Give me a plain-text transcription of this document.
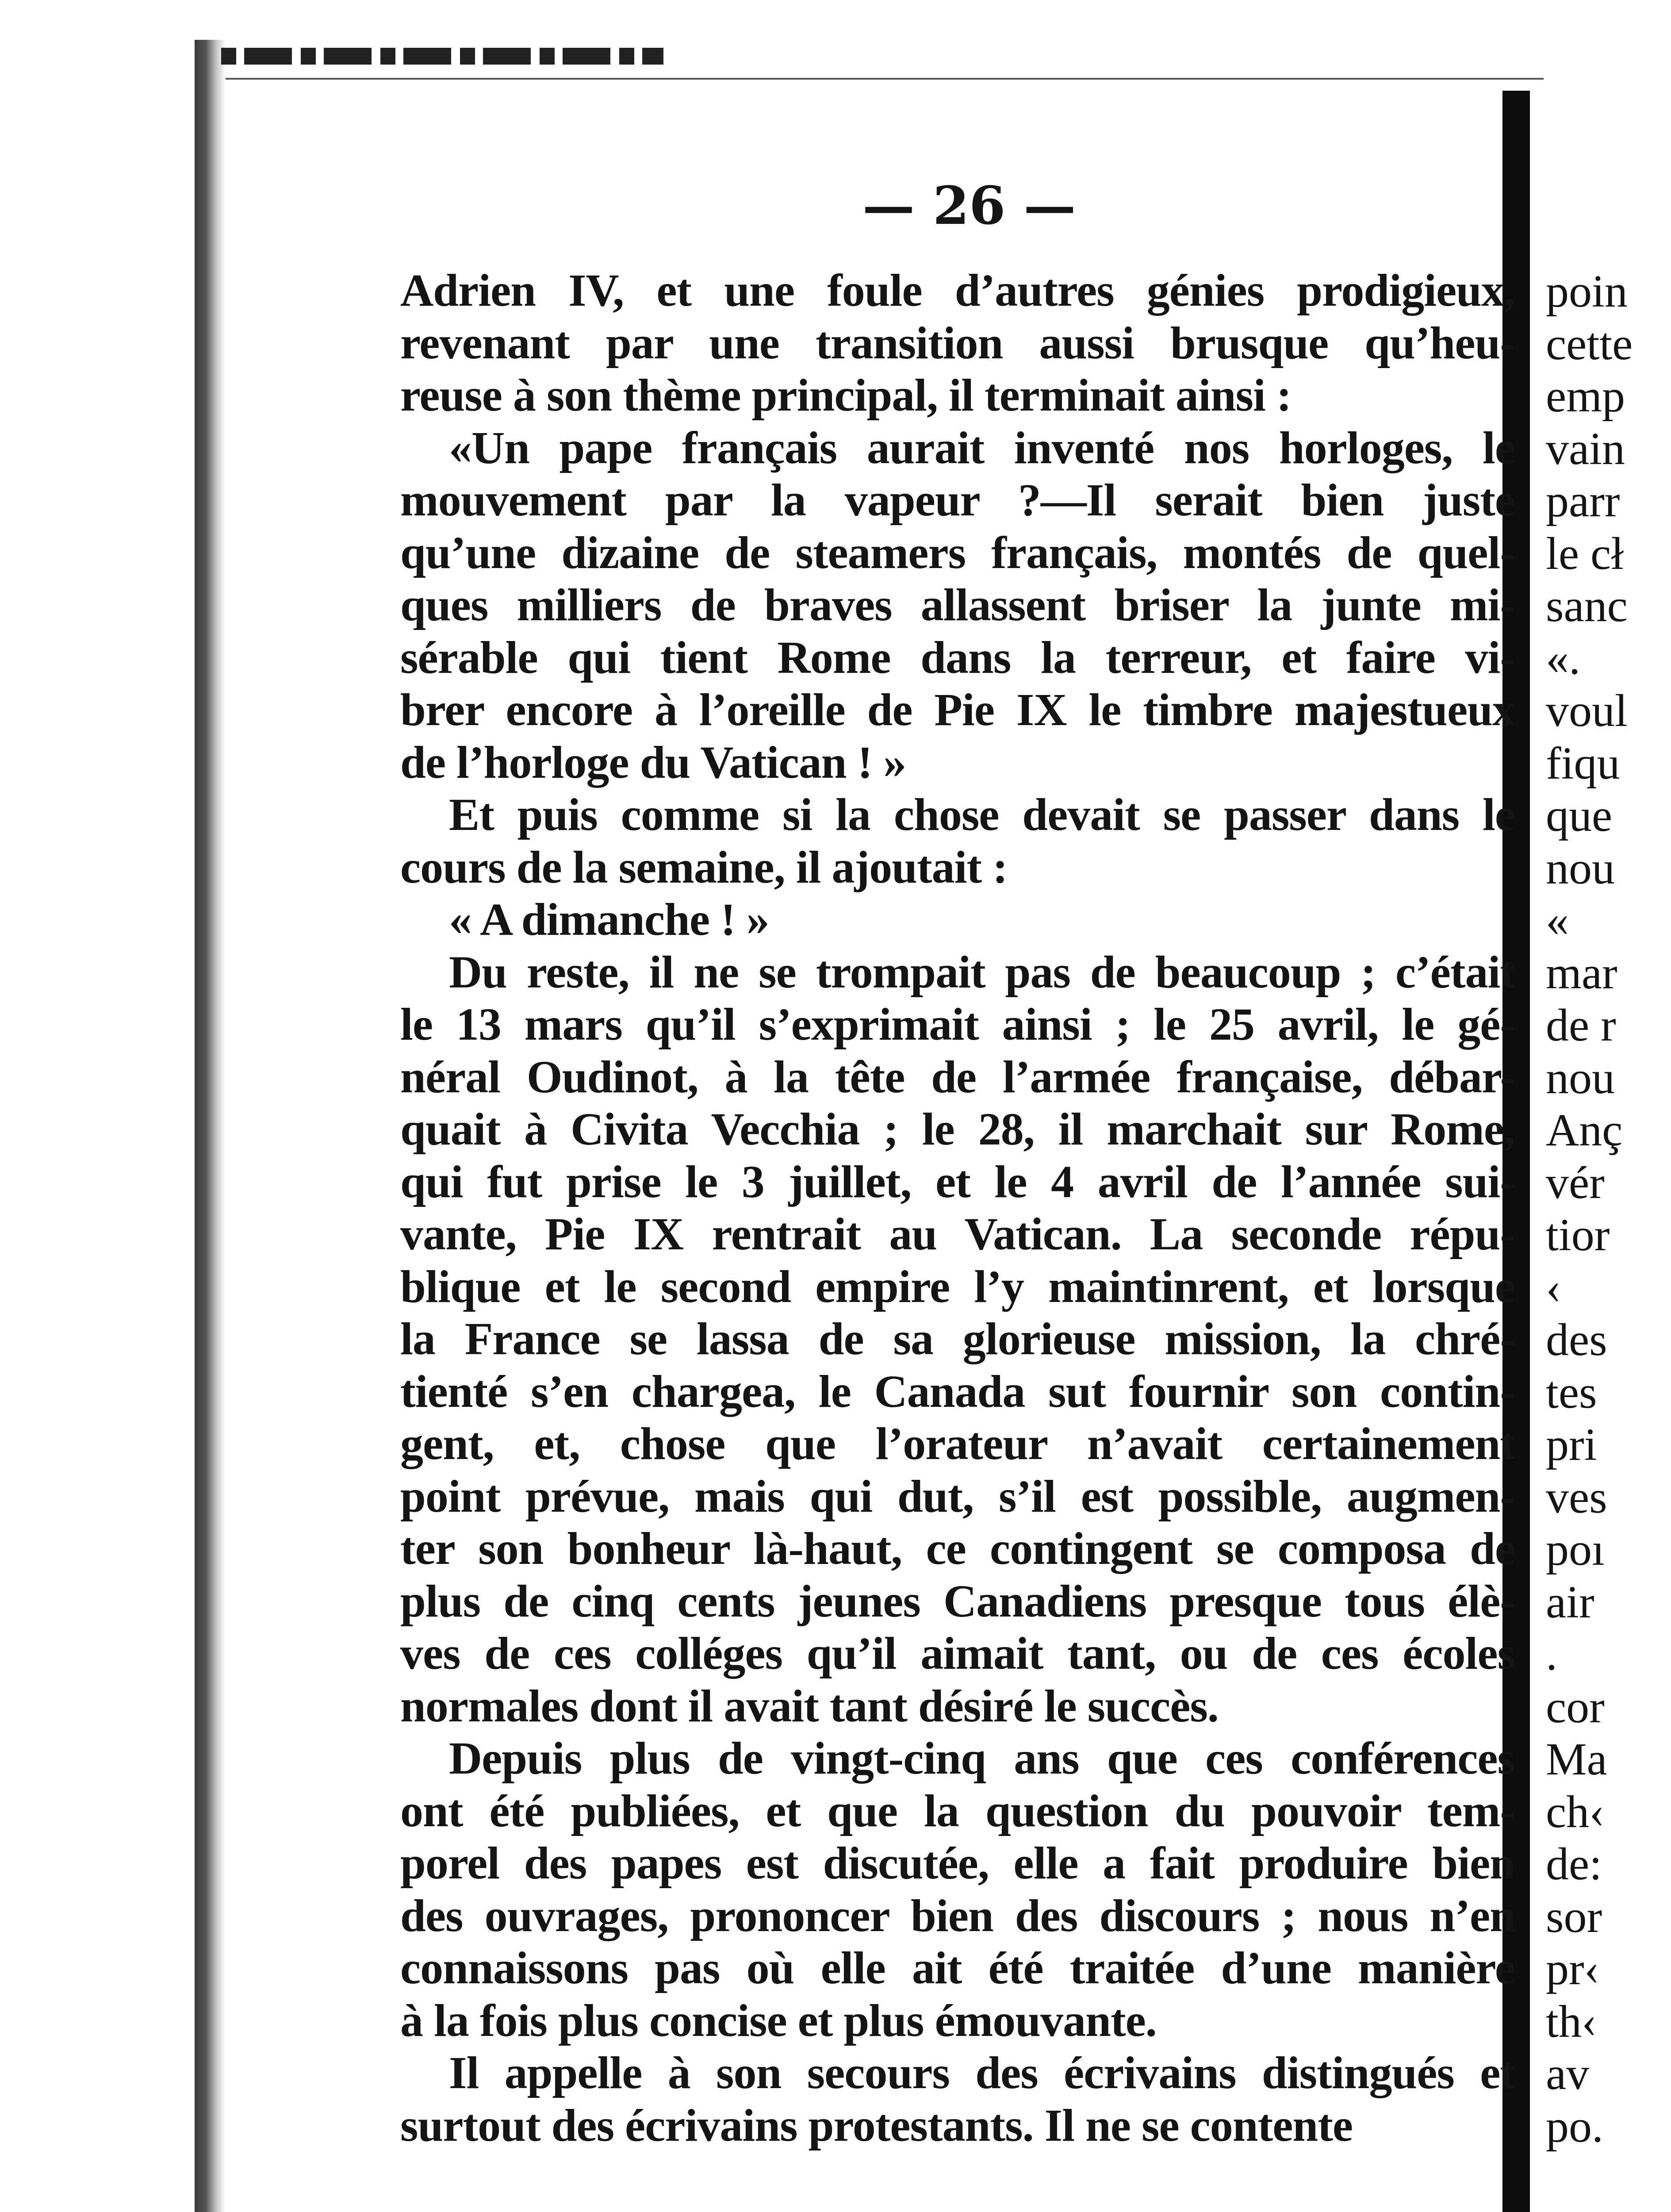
— 26 —
Adrien IV, et une foule d’autres génies prodigieux,
revenant par une transition aussi brusque qu’heu-
reuse à son thème principal, il terminait ainsi :
«Un pape français aurait inventé nos horloges, le
mouvement par la vapeur ?—Il serait bien juste
qu’une dizaine de steamers français, montés de quel-
ques milliers de braves allassent briser la junte mi-
sérable qui tient Rome dans la terreur, et faire vi-
brer encore à l’oreille de Pie IX le timbre majestueux
de l’horloge du Vatican ! »
Et puis comme si la chose devait se passer dans le
cours de la semaine, il ajoutait :
« A dimanche ! »
Du reste, il ne se trompait pas de beaucoup ; c’était
le 13 mars qu’il s’exprimait ainsi ; le 25 avril, le gé-
néral Oudinot, à la tête de l’armée française, débar-
quait à Civita Vecchia ; le 28, il marchait sur Rome,
qui fut prise le 3 juillet, et le 4 avril de l’année sui-
vante, Pie IX rentrait au Vatican. La seconde répu-
blique et le second empire l’y maintinrent, et lorsque
la France se lassa de sa glorieuse mission, la chré-
tienté s’en chargea, le Canada sut fournir son contin-
gent, et, chose que l’orateur n’avait certainement
point prévue, mais qui dut, s’il est possible, augmen-
ter son bonheur là-haut, ce contingent se composa de
plus de cinq cents jeunes Canadiens presque tous élè-
ves de ces colléges qu’il aimait tant, ou de ces écoles
normales dont il avait tant désiré le succès.
Depuis plus de vingt-cinq ans que ces conférences
ont été publiées, et que la question du pouvoir tem-
porel des papes est discutée, elle a fait produire bien
des ouvrages, prononcer bien des discours ; nous n’en
connaissons pas où elle ait été traitée d’une manière
à la fois plus concise et plus émouvante.
Il appelle à son secours des écrivains distingués et
surtout des écrivains protestants. Il ne se contente
poin
cette
emp
vain
parr
le cł
sanc
«.
voul
fiqu
que
nou
«
mar
de r
nou
Anç
vér
tior
‹
des
tes
pri
ves
poı
air
.
cor
Ma
ch‹
de:
sor
pr‹
th‹
av
po.
